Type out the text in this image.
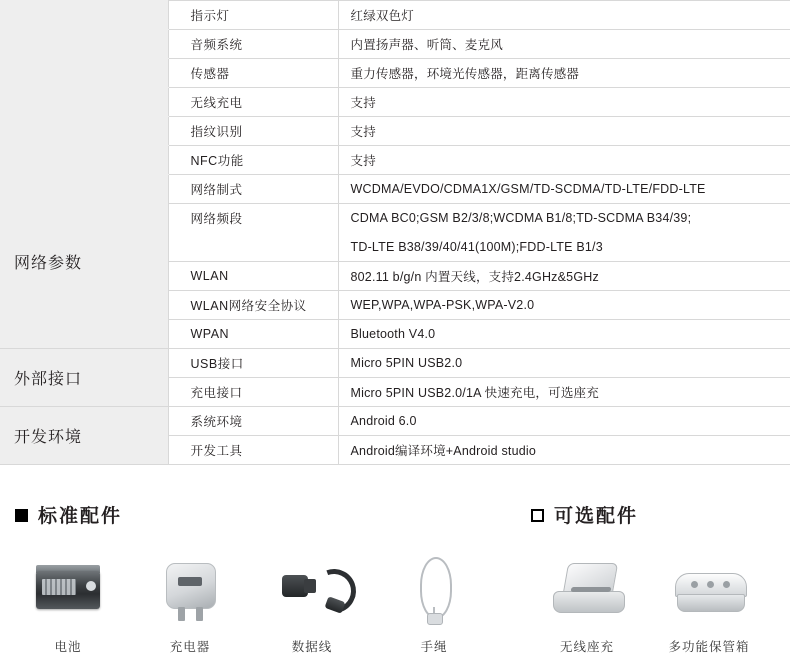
	指示灯	红绿双色灯
	音频系统	内置扬声器、听筒、麦克风
	传感器	重力传感器，环境光传感器，距离传感器
	无线充电	支持
	指纹识别	支持
	NFC功能	支持
网络参数	网络制式	WCDMA/EVDO/CDMA1X/GSM/TD-SCDMA/TD-LTE/FDD-LTE
	网络频段	CDMA BC0;GSM B2/3/8;WCDMA B1/8;TD-SCDMA B34/39;
		TD-LTE B38/39/40/41(100M);FDD-LTE B1/3
	WLAN	802.11 b/g/n 内置天线，支持2.4GHz&5GHz
	WLAN网络安全协议	WEP,WPA,WPA-PSK,WPA-V2.0
	WPAN	Bluetooth V4.0
外部接口	USB接口	Micro 5PIN USB2.0
	充电接口	Micro 5PIN USB2.0/1A 快速充电，可选座充
开发环境	系统环境	Android 6.0
	开发工具	Android编译环境+Android studio
标准配件	可选配件
电池	充电器	数据线	手绳	无线座充	多功能保管箱
